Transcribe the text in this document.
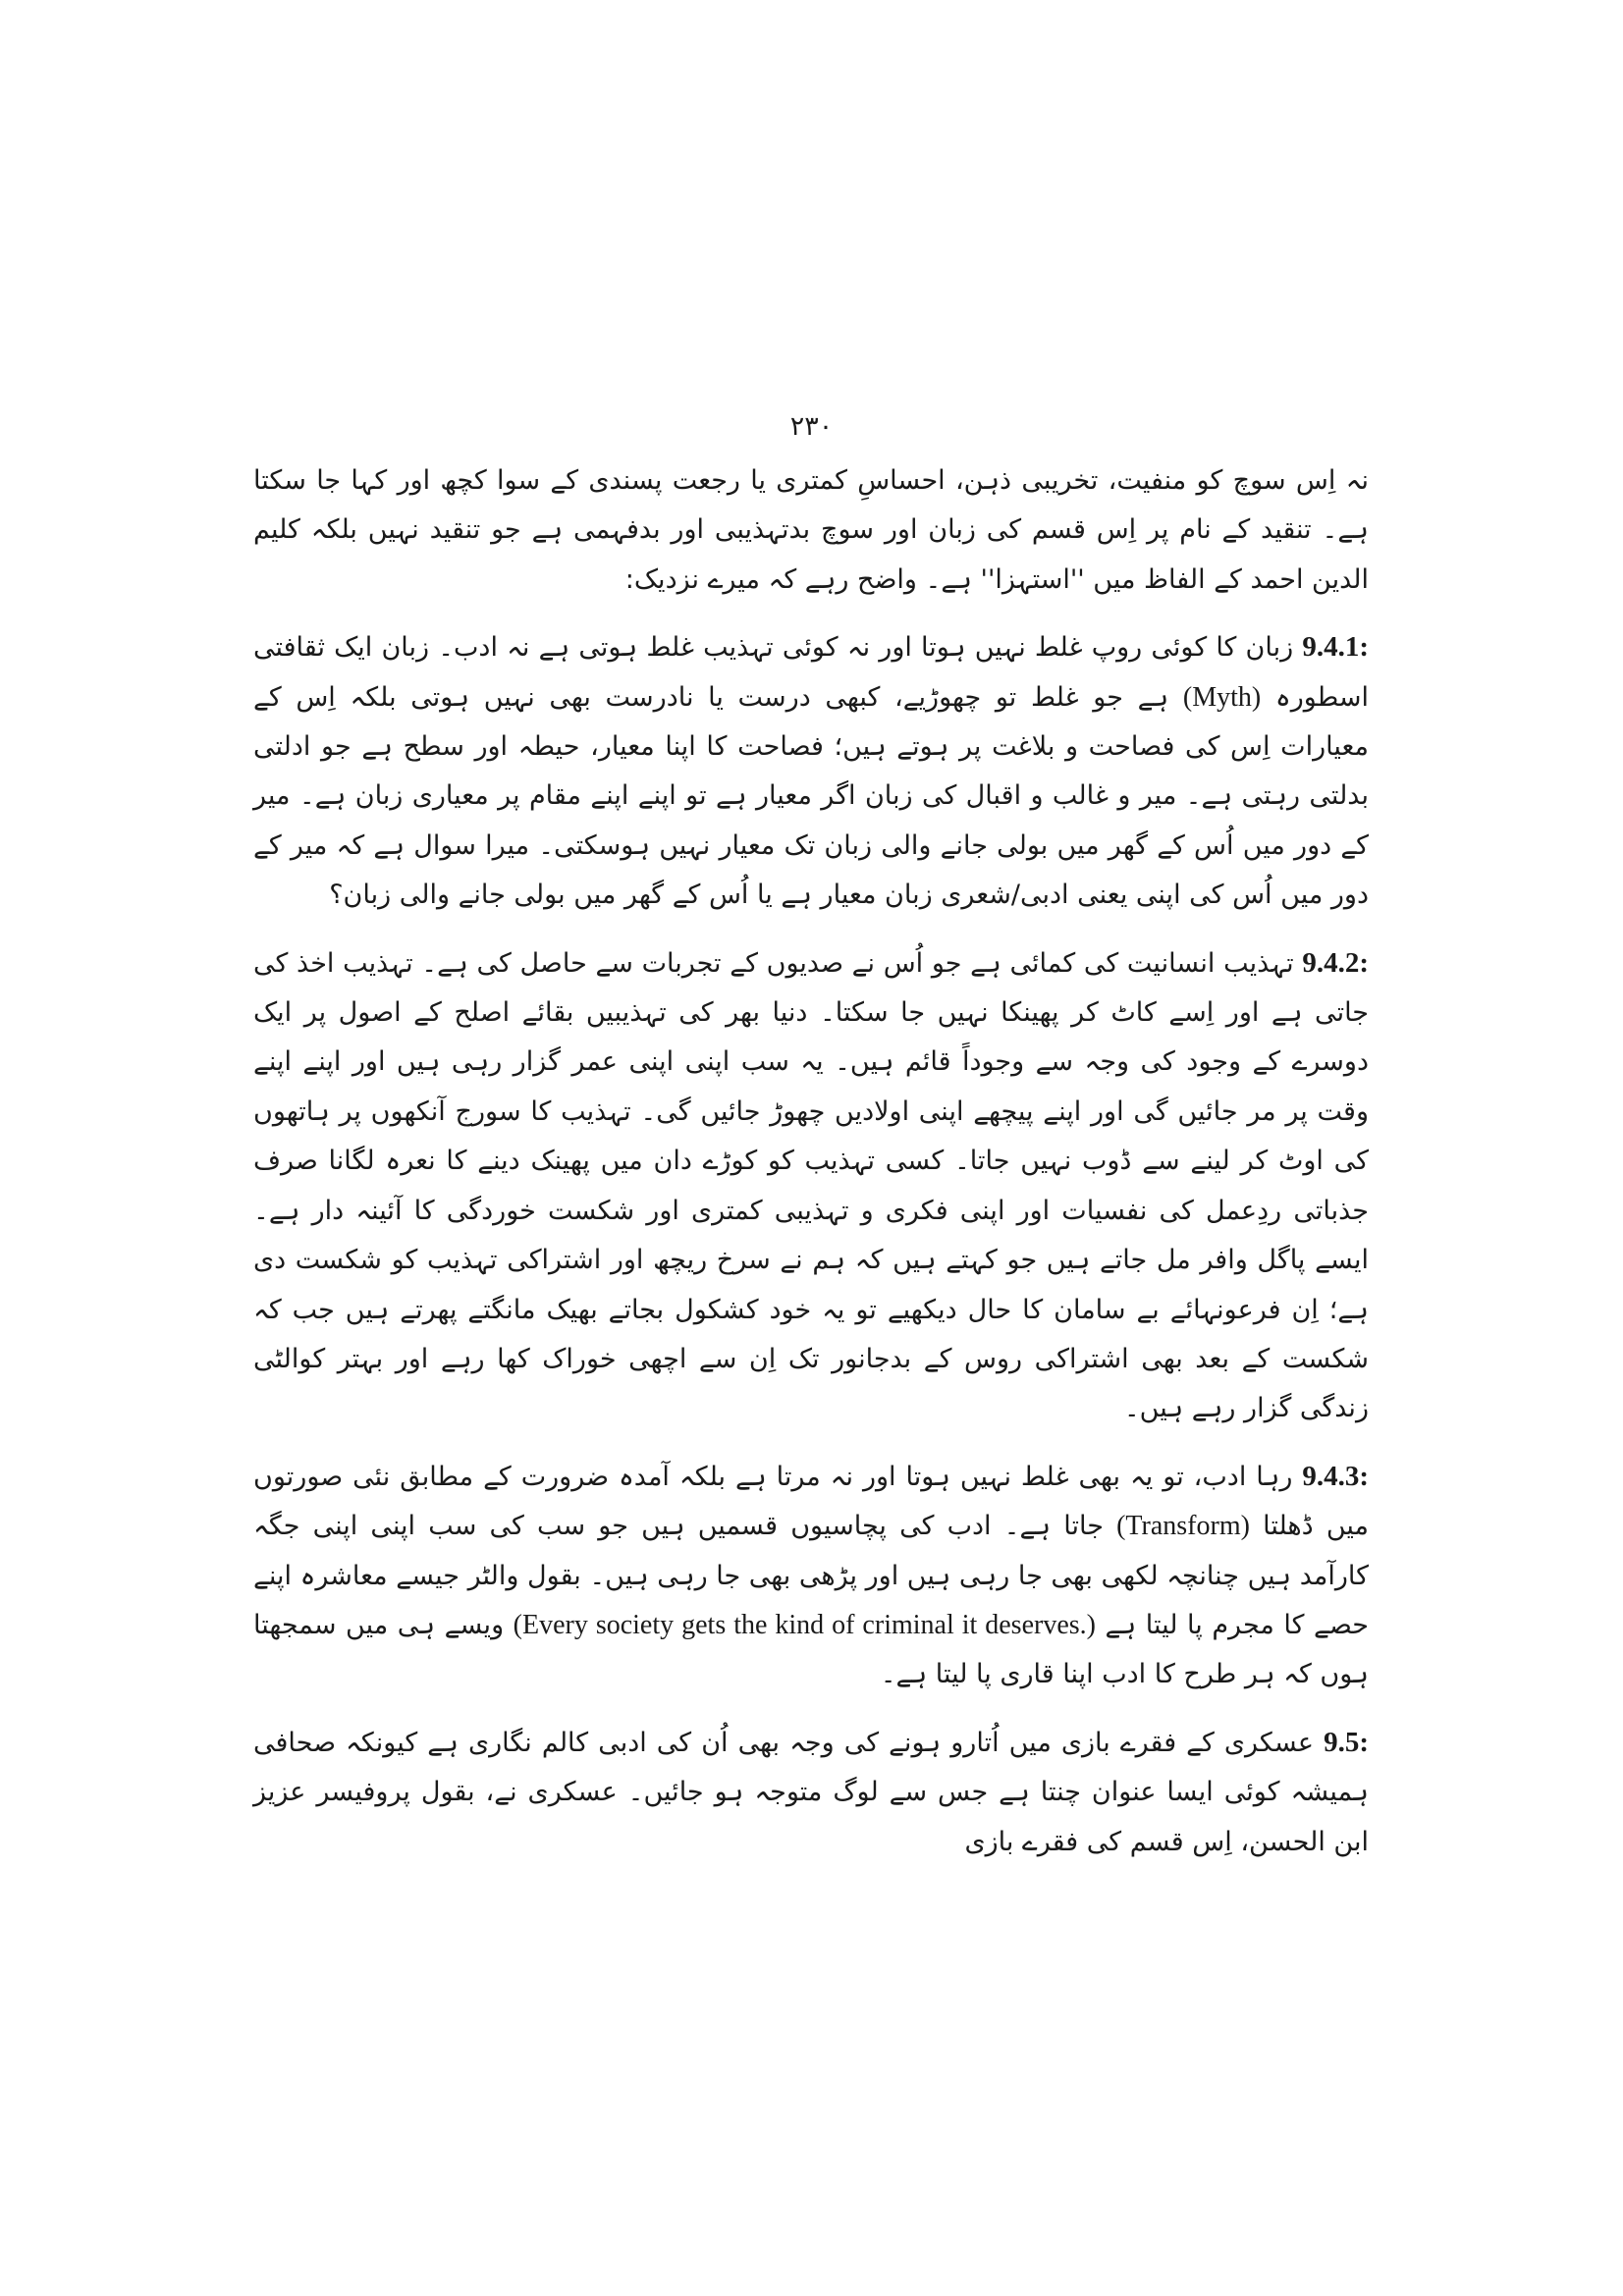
۲۳۰

نہ اِس سوچ کو منفیت، تخریبی ذہن، احساسِ کمتری یا رجعت پسندی کے سوا کچھ اور کہا جا سکتا ہے۔ تنقید کے نام پر اِس قسم کی زبان اور سوچ بدتہذیبی اور بدفہمی ہے جو تنقید نہیں بلکہ کلیم الدین احمد کے الفاظ میں ''استہزا'' ہے۔ واضح رہے کہ میرے نزدیک:

9.4.1: زبان کا کوئی روپ غلط نہیں ہوتا اور نہ کوئی تہذیب غلط ہوتی ہے نہ ادب۔ زبان ایک ثقافتی اسطورہ (Myth) ہے جو غلط تو چھوڑیے، کبھی درست یا نادرست بھی نہیں ہوتی بلکہ اِس کے معیارات اِس کی فصاحت و بلاغت پر ہوتے ہیں؛ فصاحت کا اپنا معیار، حیطہ اور سطح ہے جو ادلتی بدلتی رہتی ہے۔ میر و غالب و اقبال کی زبان اگر معیار ہے تو اپنے اپنے مقام پر معیاری زبان ہے۔ میر کے دور میں اُس کے گھر میں بولی جانے والی زبان تک معیار نہیں ہوسکتی۔ میرا سوال ہے کہ میر کے دور میں اُس کی اپنی یعنی ادبی/شعری زبان معیار ہے یا اُس کے گھر میں بولی جانے والی زبان؟

9.4.2: تہذیب انسانیت کی کمائی ہے جو اُس نے صدیوں کے تجربات سے حاصل کی ہے۔ تہذیب اخذ کی جاتی ہے اور اِسے کاٹ کر پھینکا نہیں جا سکتا۔ دنیا بھر کی تہذیبیں بقائے اصلح کے اصول پر ایک دوسرے کے وجود کی وجہ سے وجوداً قائم ہیں۔ یہ سب اپنی اپنی عمر گزار رہی ہیں اور اپنے اپنے وقت پر مر جائیں گی اور اپنے پیچھے اپنی اولادیں چھوڑ جائیں گی۔ تہذیب کا سورج آنکھوں پر ہاتھوں کی اوٹ کر لینے سے ڈوب نہیں جاتا۔ کسی تہذیب کو کوڑے دان میں پھینک دینے کا نعرہ لگانا صرف جذباتی ردِعمل کی نفسیات اور اپنی فکری و تہذیبی کمتری اور شکست خوردگی کا آئینہ دار ہے۔ ایسے پاگل وافر مل جاتے ہیں جو کہتے ہیں کہ ہم نے سرخ ریچھ اور اشتراکی تہذیب کو شکست دی ہے؛ اِن فرعونہائے بے سامان کا حال دیکھیے تو یہ خود کشکول بجاتے بھیک مانگتے پھرتے ہیں جب کہ شکست کے بعد بھی اشتراکی روس کے بدجانور تک اِن سے اچھی خوراک کھا رہے اور بہتر کوالٹی زندگی گزار رہے ہیں۔

9.4.3: رہا ادب، تو یہ بھی غلط نہیں ہوتا اور نہ مرتا ہے بلکہ آمدہ ضرورت کے مطابق نئی صورتوں میں ڈھلتا (Transform) جاتا ہے۔ ادب کی پچاسیوں قسمیں ہیں جو سب کی سب اپنی اپنی جگہ کارآمد ہیں چنانچہ لکھی بھی جا رہی ہیں اور پڑھی بھی جا رہی ہیں۔ بقول والٹر جیسے معاشرہ اپنے حصے کا مجرم پا لیتا ہے (Every society gets the kind of criminal it deserves.) ویسے ہی میں سمجھتا ہوں کہ ہر طرح کا ادب اپنا قاری پا لیتا ہے۔

9.5: عسکری کے فقرے بازی میں اُتارو ہونے کی وجہ بھی اُن کی ادبی کالم نگاری ہے کیونکہ صحافی ہمیشہ کوئی ایسا عنوان چنتا ہے جس سے لوگ متوجہ ہو جائیں۔ عسکری نے، بقول پروفیسر عزیز ابن الحسن، اِس قسم کی فقرے بازی
